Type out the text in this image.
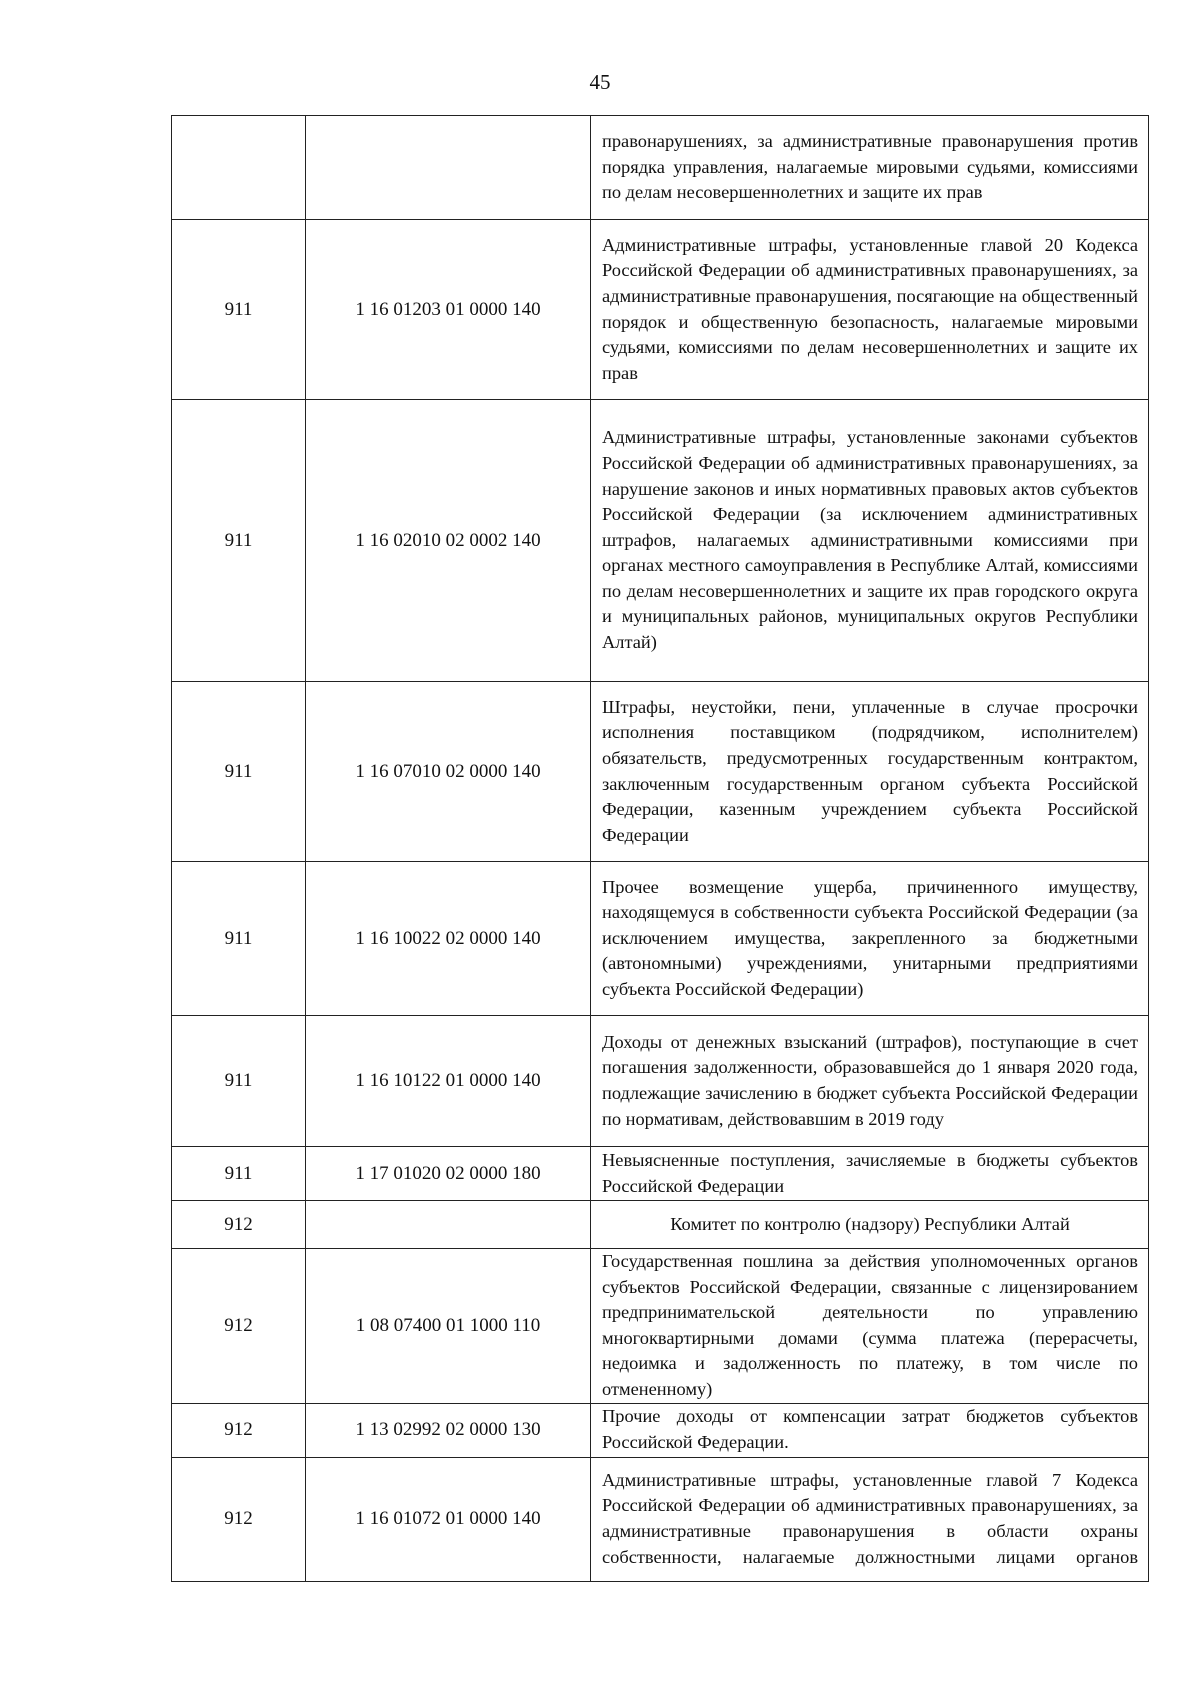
45
		правонарушениях, за административные правонарушения против порядка управления, налагаемые мировыми судьями, комиссиями по делам несовершеннолетних и защите их прав
911	1 16 01203 01 0000 140	Административные штрафы, установленные главой 20 Кодекса Российской Федерации об административных правонарушениях, за административные правонарушения, посягающие на общественный порядок и общественную безопасность, налагаемые мировыми судьями, комиссиями по делам несовершеннолетних и защите их прав
911	1 16 02010 02 0002 140	Административные штрафы, установленные законами субъектов Российской Федерации об административных правонарушениях, за нарушение законов и иных нормативных правовых актов субъектов Российской Федерации (за исключением административных штрафов, налагаемых административными комиссиями при органах местного самоуправления в Республике Алтай, комиссиями по делам несовершеннолетних и защите их прав городского округа и муниципальных районов, муниципальных округов Республики Алтай)
911	1 16 07010 02 0000 140	Штрафы, неустойки, пени, уплаченные в случае просрочки исполнения поставщиком (подрядчиком, исполнителем) обязательств, предусмотренных государственным контрактом, заключенным государственным органом субъекта Российской Федерации, казенным учреждением субъекта Российской Федерации
911	1 16 10022 02 0000 140	Прочее возмещение ущерба, причиненного имуществу, находящемуся в собственности субъекта Российской Федерации (за исключением имущества, закрепленного за бюджетными (автономными) учреждениями, унитарными предприятиями субъекта Российской Федерации)
911	1 16 10122 01 0000 140	Доходы от денежных взысканий (штрафов), поступающие в счет погашения задолженности, образовавшейся до 1 января 2020 года, подлежащие зачислению в бюджет субъекта Российской Федерации по нормативам, действовавшим в 2019 году
911	1 17 01020 02 0000 180	Невыясненные поступления, зачисляемые в бюджеты субъектов Российской Федерации
912		Комитет по контролю (надзору) Республики Алтай
912	1 08 07400 01 1000 110	Государственная пошлина за действия уполномоченных органов субъектов Российской Федерации, связанные с лицензированием предпринимательской деятельности по управлению многоквартирными домами (сумма платежа (перерасчеты, недоимка и задолженность по платежу, в том числе по отмененному)
912	1 13 02992 02 0000 130	Прочие доходы от компенсации затрат бюджетов субъектов Российской Федерации.
912	1 16 01072 01 0000 140	Административные штрафы, установленные главой 7 Кодекса Российской Федерации об административных правонарушениях, за административные правонарушения в области охраны собственности, налагаемые должностными лицами органов
